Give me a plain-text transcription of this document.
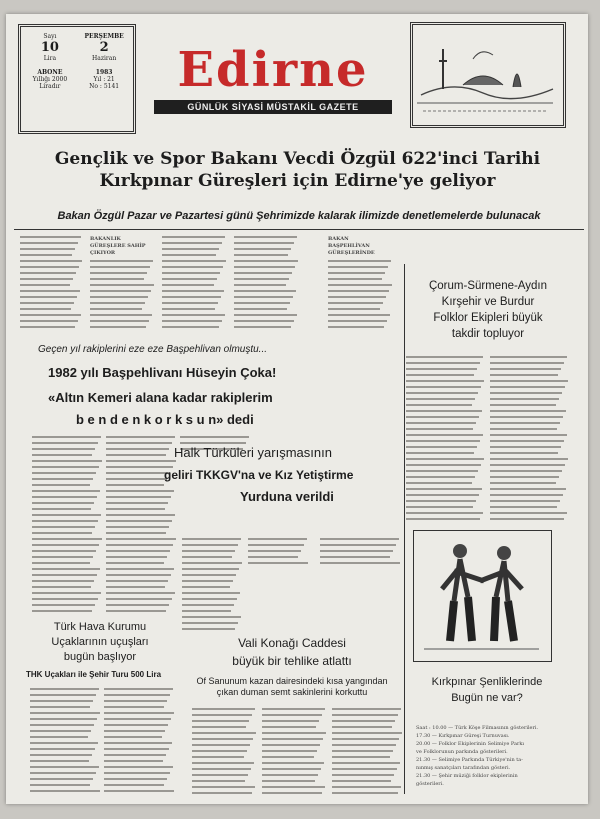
Sayı
10
Lira

ABONE
Yıllığı 2000 Liradır
PERŞEMBE
2
Haziran

1983
Yıl : 21
No : 5141	Edirne
GÜNLÜK SİYASİ MÜSTAKİL GAZETE
Gençlik ve Spor Bakanı Vecdi Özgül 622'inci Tarihi
Kırkpınar Güreşleri için Edirne'ye geliyor
Bakan Özgül Pazar ve Pazartesi günü Şehrimizde kalarak ilimizde denetlemelerde bulunacak
BAKANLIK GÜREŞLERE SAHİP ÇIKIYOR
BAKAN BAŞPEHLİVAN GÜREŞLERİNDE
Çorum-Sürmene-Aydın
Kırşehir ve Burdur
Folklor Ekipleri büyük
takdir topluyor
Geçen yıl rakiplerini eze eze Başpehlivan olmuştu...
1982 yılı Başpehlivanı Hüseyin Çoka!
«Altın Kemeri alana kadar rakiplerim
b e n d e n k o r k s u n» dedi
Halk Türküleri yarışmasının
geliri TKKGV'na ve Kız Yetiştirme
Yurduna verildi
Vali Konağı Caddesi
büyük bir tehlike atlattı
Of Sanunum kazan dairesindeki kısa yangından çıkan duman semt sakinlerini korkuttu
Türk Hava Kurumu
Uçaklarının uçuşları
bugün başlıyor
THK Uçakları ile Şehir Turu 500 Lira
Kırkpınar Şenliklerinde
Bugün ne var?
Saat : 10.00 — Türk Köşe Filmasının gösterileri.
17.30 — Kırkpınar Güreşi Turnuvası.
20.00 — Folklor Ekiplerinin Selimiye Parkı
ve Folklorunun parkında gösterileri.
21.30 — Selimiye Parkında Türkiye'nin ta-
nınmış sanatçıları tarafından gösteri.
21.30 — Şehir müziği folklor ekiplerinin
gösterileri.
